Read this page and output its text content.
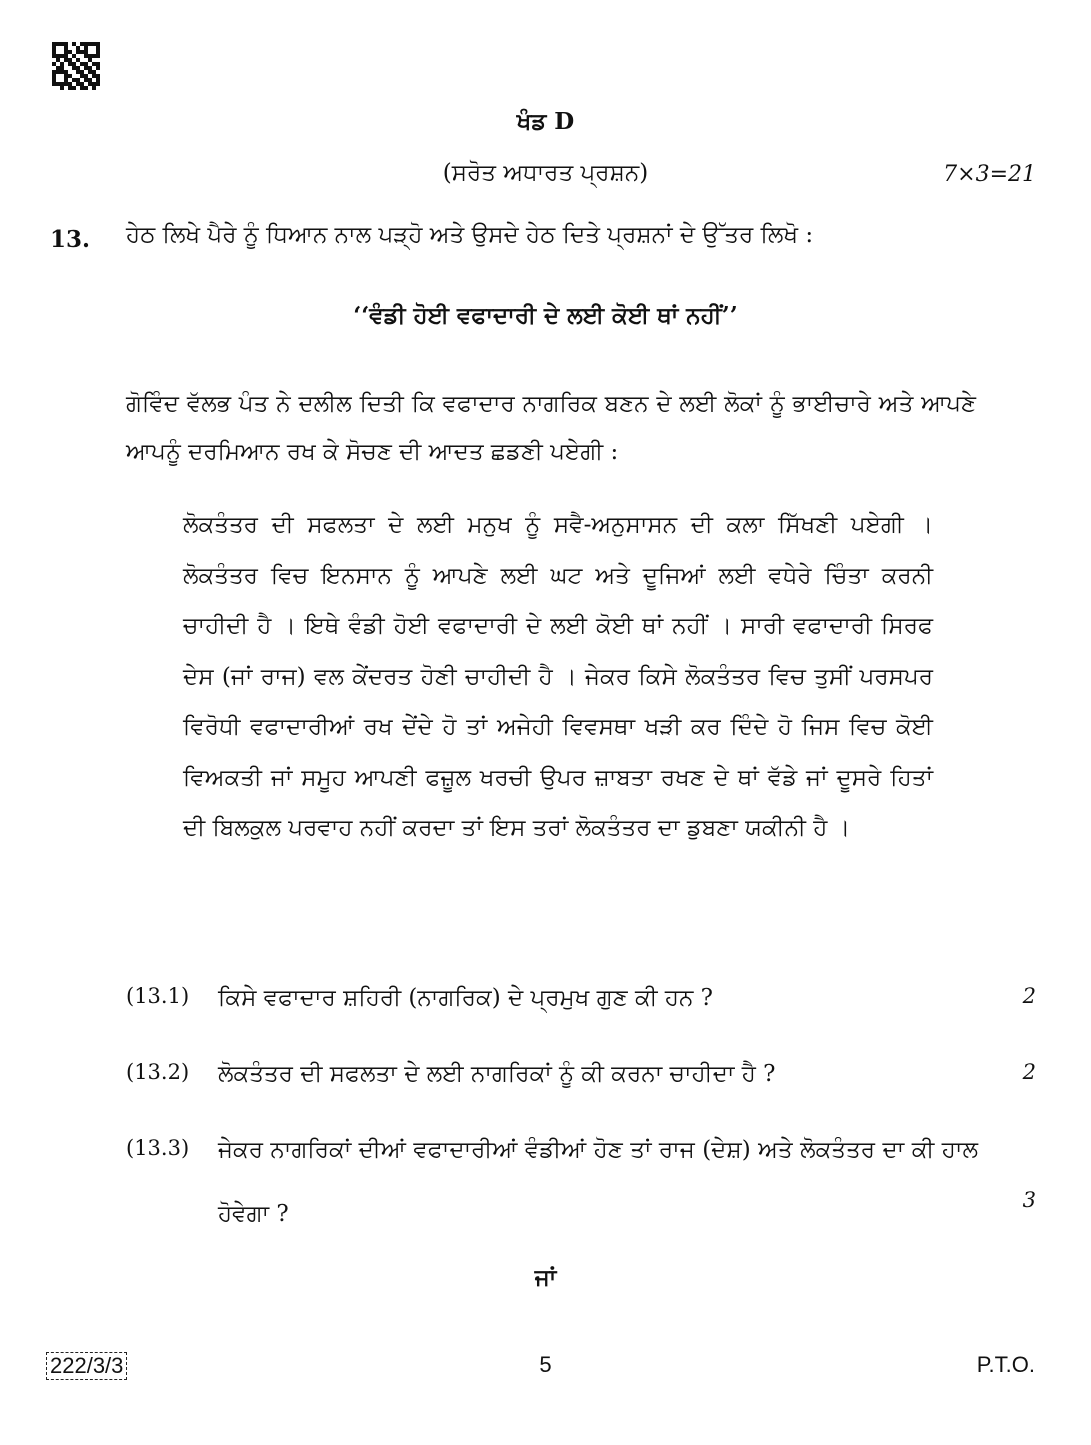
ਖੰਡ D
(ਸਰੋਤ ਅਧਾਰਤ ਪ੍ਰਸ਼ਨ)	7×3=21
13. ਹੇਠ ਲਿਖੇ ਪੈਰੇ ਨੂੰ ਧਿਆਨ ਨਾਲ ਪੜ੍ਹੋ ਅਤੇ ਉਸਦੇ ਹੇਠ ਦਿਤੇ ਪ੍ਰਸ਼ਨਾਂ ਦੇ ਉੱਤਰ ਲਿਖੋ :
‘‘ਵੰਡੀ ਹੋਈ ਵਫਾਦਾਰੀ ਦੇ ਲਈ ਕੋਈ ਥਾਂ ਨਹੀਂ’’
ਗੋਵਿੰਦ ਵੱਲਭ ਪੰਤ ਨੇ ਦਲੀਲ ਦਿਤੀ ਕਿ ਵਫਾਦਾਰ ਨਾਗਰਿਕ ਬਣਨ ਦੇ ਲਈ ਲੋਕਾਂ ਨੂੰ ਭਾਈਚਾਰੇ ਅਤੇ ਆਪਣੇ ਆਪਨੂੰ ਦਰਮਿਆਨ ਰਖ ਕੇ ਸੋਚਣ ਦੀ ਆਦਤ ਛਡਣੀ ਪਏਗੀ :
ਲੋਕਤੰਤਰ ਦੀ ਸਫਲਤਾ ਦੇ ਲਈ ਮਨੁਖ ਨੂੰ ਸਵੈ-ਅਨੁਸਾਸਨ ਦੀ ਕਲਾ ਸਿੱਖਣੀ ਪਏਗੀ । ਲੋਕਤੰਤਰ ਵਿਚ ਇਨਸਾਨ ਨੂੰ ਆਪਣੇ ਲਈ ਘਟ ਅਤੇ ਦੂਜਿਆਂ ਲਈ ਵਧੇਰੇ ਚਿੰਤਾ ਕਰਨੀ ਚਾਹੀਦੀ ਹੈ । ਇਥੇ ਵੰਡੀ ਹੋਈ ਵਫਾਦਾਰੀ ਦੇ ਲਈ ਕੋਈ ਥਾਂ ਨਹੀਂ । ਸਾਰੀ ਵਫਾਦਾਰੀ ਸਿਰਫ ਦੇਸ (ਜਾਂ ਰਾਜ) ਵਲ ਕੇਂਦਰਤ ਹੋਣੀ ਚਾਹੀਦੀ ਹੈ । ਜੇਕਰ ਕਿਸੇ ਲੋਕਤੰਤਰ ਵਿਚ ਤੁਸੀਂ ਪਰਸਪਰ ਵਿਰੋਧੀ ਵਫਾਦਾਰੀਆਂ ਰਖ ਦੇਂਦੇ ਹੋ ਤਾਂ ਅਜੇਹੀ ਵਿਵਸਥਾ ਖੜੀ ਕਰ ਦਿੰਦੇ ਹੋ ਜਿਸ ਵਿਚ ਕੋਈ ਵਿਅਕਤੀ ਜਾਂ ਸਮੂਹ ਆਪਣੀ ਫਜ਼ੂਲ ਖਰਚੀ ਉਪਰ ਜ਼ਾਬਤਾ ਰਖਣ ਦੇ ਥਾਂ ਵੱਡੇ ਜਾਂ ਦੂਸਰੇ ਹਿਤਾਂ ਦੀ ਬਿਲਕੁਲ ਪਰਵਾਹ ਨਹੀਂ ਕਰਦਾ ਤਾਂ ਇਸ ਤਰਾਂ ਲੋਕਤੰਤਰ ਦਾ ਡੁਬਣਾ ਯਕੀਨੀ ਹੈ ।
(13.1) ਕਿਸੇ ਵਫਾਦਾਰ ਸ਼ਹਿਰੀ (ਨਾਗਰਿਕ) ਦੇ ਪ੍ਰਮੁਖ ਗੁਣ ਕੀ ਹਨ ?	2
(13.2) ਲੋਕਤੰਤਰ ਦੀ ਸਫਲਤਾ ਦੇ ਲਈ ਨਾਗਰਿਕਾਂ ਨੂੰ ਕੀ ਕਰਨਾ ਚਾਹੀਦਾ ਹੈ ?	2
(13.3) ਜੇਕਰ ਨਾਗਰਿਕਾਂ ਦੀਆਂ ਵਫਾਦਾਰੀਆਂ ਵੰਡੀਆਂ ਹੋਣ ਤਾਂ ਰਾਜ (ਦੇਸ਼) ਅਤੇ ਲੋਕਤੰਤਰ ਦਾ ਕੀ ਹਾਲ ਹੋਵੇਗਾ ?
3
ਜਾਂ
222/3/3	5	P.T.O.
